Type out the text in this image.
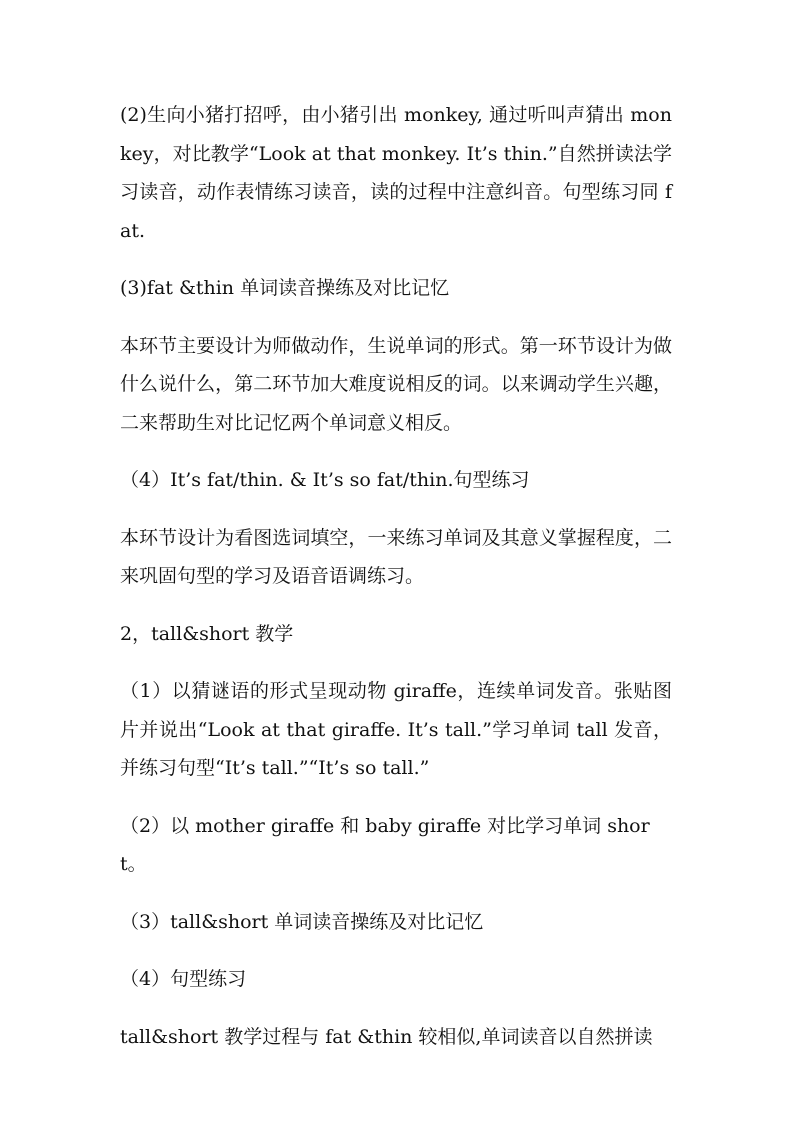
(2)生向小猪打招呼，由小猪引出 monkey, 通过听叫声猜出 monkey，对比教学“Look at that monkey. It’s thin.”自然拼读法学习读音，动作表情练习读音，读的过程中注意纠音。句型练习同 fat.

(3)fat &thin 单词读音操练及对比记忆

本环节主要设计为师做动作，生说单词的形式。第一环节设计为做什么说什么，第二环节加大难度说相反的词。以来调动学生兴趣，二来帮助生对比记忆两个单词意义相反。

（4）It’s fat/thin. & It’s so fat/thin.句型练习

本环节设计为看图选词填空，一来练习单词及其意义掌握程度，二来巩固句型的学习及语音语调练习。

2，tall&short 教学

（1）以猜谜语的形式呈现动物 giraffe，连续单词发音。张贴图片并说出“Look at that giraffe. It’s tall.”学习单词 tall 发音，并练习句型“It’s tall.”“It’s so tall.”

（2）以 mother giraffe 和 baby giraffe 对比学习单词 short。

（3）tall&short 单词读音操练及对比记忆

（4）句型练习

tall&short 教学过程与 fat &thin 较相似,单词读音以自然拼读
